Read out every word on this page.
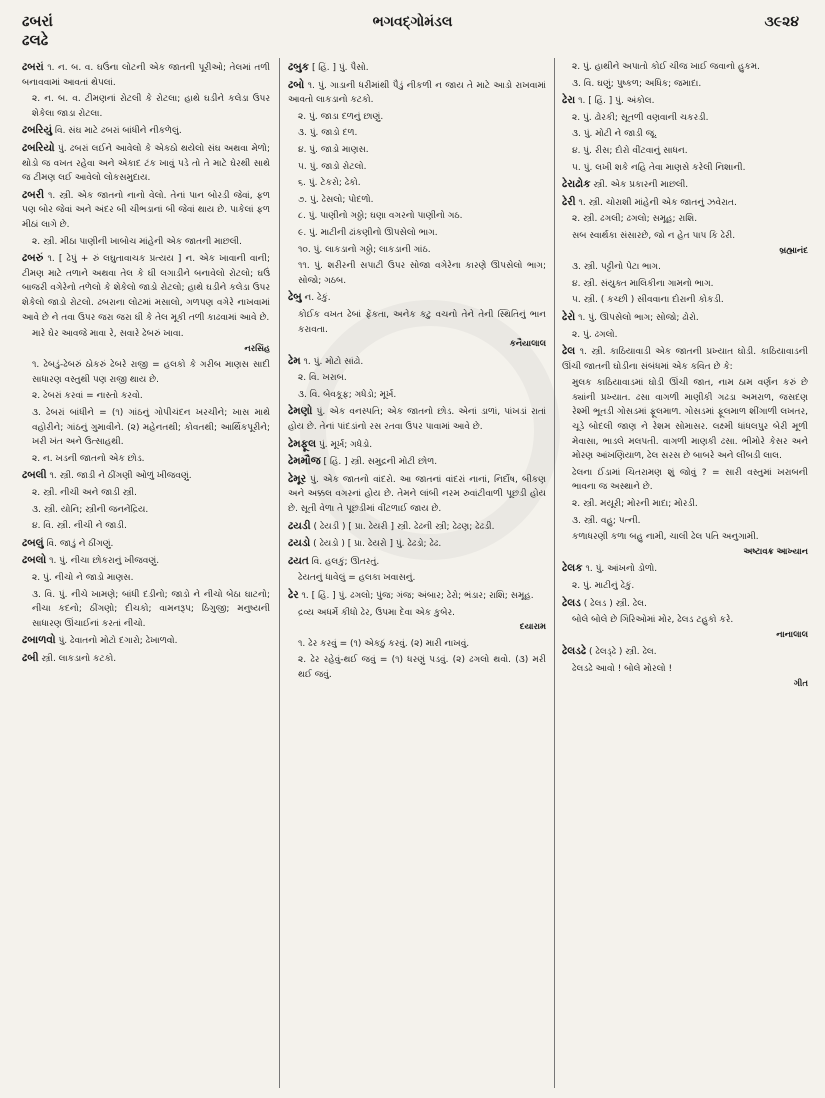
ઢબરાં
ઢલઢે
ભગવદ્ગોમંડલ	૩૯૨૪
ઢબરાં ૧. ન. બ. વ. ઘઉંના લોટની એક જાતની પૂરીઓ; તેલમાં તળી બનાવવામાં આવતાં થેપલાં.
૨. ન. બ. વ. ટીમણનાં રોટલી કે રોટલા; હાથે ઘડીને કલેડા ઉપર શેકેલા જાડા રોટલા.
ઢબરિયું વિ. સંઘ માટે ઢબરાં બાંધીને નીકળેલું.
ઢબરિયો પું. ઢબરાં લઈને આવેલો કે એકઠો થયેલો સંઘ અથવા મેળો; થોડો જ વખત રહેવા અને એકાદ ટંક ખાવું પડે તો તે માટે ઘેરથી સાથે જ ટીમણ લઈ આવેલો લોકસમુદાય.
ઢબરી ૧. સ્ત્રી. એક જાતનો નાનો વેલો. તેનાં પાન બોરડી જેવાં, ફળ પણ બોર જેવાં અને અંદર બી ચીભડાનાં બી જેવાં થાય છે. પાકેલાં ફળ મીઠાં લાગે છે.
૨. સ્ત્રી. મીઠા પાણીની ખાબોચ માંહેની એક જાતની માછલી.
ઢબરું ૧. [ ઢેપું + રું લઘુતાવાચક પ્રત્યય ] ન. એક ખાવાની વાની; ટીમણ માટે તળાને અથવા તેલ કે ઘી લગાડીને બનાવેલો રોટલો; ઘઉં બાજરી વગેરેનો તળેલો કે શેકેલો જાડો રોટલો; હાથે ઘડીને કલેડા ઉપર શેકેલો જાડો રોટલો. ઢબરાના લોટમાં મસાલો, ગળપણ વગેરે નાખવામાં આવે છે ને તવા ઉપર જરા જરા ઘી કે તેલ મૂકી તળી કાઢવામાં આવે છે.
મારે ઘેર આવજે માવા રે, સવારે ઢેબરું ખાવા.
નરસિંહ
૧. ઢેબડું-ઢેબરું ઠોકરું ઢેબરે રાજી = હલકો કે ગરીબ માણસ સાદી સાધારણ વસ્તુથી પણ રાજી થાય છે.
૨. ઢેબરાં કરવાં = નાસ્તો કરવો.
૩. ઢેબરાં બાંધીને = (૧) ગાંઠનું ગોપીચંદન ખરચીને; ખાસ માથે વહોરીને; ગાંઠનું ગુમાવીને. (૨) મહેનતથી; કોવતથી; આર્થિકપૂરીને; ખરી ખંત અને ઉત્સાહથી.
૨. ન. ખડની જાતનો એક છોડ.
ઢબલી ૧. સ્ત્રી. જાડી ને ઠીંગણી ઓળું ખીજવણું.
૨. સ્ત્રી. નીચી અને જાડી સ્ત્રી.
૩. સ્ત્રી. યોનિ; સ્ત્રીની જનનેંદ્રિય.
૪. વિ. સ્ત્રી. નીચી ને જાડી.
ઢબલું વિ. જાડું ને ઠીંગણું.
ઢબલો ૧. પું. નીચા છોકરાનું ખીજવણું.
૨. પું. નીચો ને જાડો માણસ.
૩. વિ. પું. નીચે ખામણે; બાંધી દડીનો; જાડો ને નીચો બેઠા ઘાટનો; નીચા કદનો; ઠીંગણો; દીચકો; વામનરૂપ; ઠિંગુજી; મનુષ્યની સાધારણ ઊંચાઈનાં કરતાં નીચો.
ઢબાળવો પું. ઢેવાતનો મોટો દગારો; ઢેખાળવો.
ઢબી સ્ત્રી. લાકડાનો કટકો.
ઢબુક [ હિં. ] પું. પૈસો.
ઢબો ૧. પું. ગાડાની ધરીમાંથી પૈડું નીકળી ન જાય તે માટે આડો રાખવામાં આવતો લાકડાનો કટકો.
૨. પું. જાડા દળનું છાણું.
૩. પું. જાડો દળ.
૪. પું. જાડો માણસ.
૫. પું. જાડો રોટલો.
૬. પું. ટેકરો; ઢેકો.
૭. પું. ઢેસલો; પોદળો.
૮. પું. પાણીનો ગઠ્ઠો; ઘણા વગરનો પાણીનો ગઠ.
૯. પું. માટીની ઢાંકણીનો ઊપસેલો ભાગ.
૧૦. પું. લાકડાનો ગઠ્ઠો; લાકડાની ગાંઠ.
૧૧. પું. શરીરની સપાટી ઉપર સોજા વગેરેના કારણે ઊપસેલો ભાગ; સોજો; ગઠબ.
ઢેબુ ન. ઢેકું.
કોઈક વખત ઢેબાં ફેંકતા, અનેક કટુ વચનો તેને તેની સ્થિતિનું ભાન કરાવતા.
કનૈયાલાલ
ઢેમ ૧. પું. મોટો સાંઢો.
૨. વિ. ખરાબ.
૩. વિ. બેવકૂફ; ગધેડો; મૂર્ખ.
ઢેમણો પું. એક વનસ્પતિ; એક જાતનો છોડ. એનાં ડાળાં, પાંખડાં રાતાં હોય છે. તેનાં પાંદડાંનો રસ રતવા ઉપર પાવામાં આવે છે.
ઢેમફૂલ પું. મૂર્ખ; ગધેડો.
ઢેમમૌજ [ હિં. ] સ્ત્રી. સમુદ્રની મોટી છોળ.
ઢેમૂર પું. એક જાતનો વાંદરો. આ જાતનાં વાંદરાં નાનાં, નિર્દોષ, બીકણ અને અક્કલ વગરનાં હોય છે. તેમને લાંબી નરમ રુવાંટીવાળી પૂછડી હોય છે. સૂતી વેળા તે પૂછડીમાં વીંટળાઈ જાય છે.
ઢયડી ( ઢેયડી ) [ પ્રા. ઢેયરી ] સ્ત્રી. ઢેઢની સ્ત્રી; ઢેઢણ; ઢેઢડી.
ઢયડો ( ઢેયડો ) [ પ્રા. ઢેયરો ] પું. ઢેઢડો; ઢેઢ.
ઢયત વિ. હલકું; ઊતરતું.
ઢેયતનું ધાવેલું = હલકા ખવાસનું.
ઢેર ૧. [ હિં. ] પું. ઢગલો; પુંજ; ગંજ; અંબાર; ઢેરો; ભંડાર; રાશિ; સમૂહ.
દ્રવ્ય અધર્મે કીધો ઢેર, ઉપમા દેવા એક કુબેર.
દયારામ
૧. ઢેર કરવું = (૧) એકઠું કરવું. (૨) મારી નાખવું.
૨. ઢેર રહેવું-થઈ જવું = (૧) ધરણું પડવું. (૨) ઢગલો થવો. (૩) મરી થઈ જવું.
૨. પું. હાથીને અપાતો કોઈ ચીજ ખાઈ જવાનો હુકમ.
૩. વિ. ઘણું; પુષ્કળ; અધિક; જમાદા.
ઢેરા ૧. [ હિં. ] પું. અંકોલ.
૨. પું. ઢોરકી; સૂતળી વણવાની ચકરડી.
૩. પું. મોટી ને જાડી જૂ.
૪. પું. રીસ; દોરો વીંટવાનું સાધન.
૫. પું. લખી શકે નહિ તેવા માણસે કરેલી નિશાની.
ઢેરાઢોક સ્ત્રી. એક પ્રકારની માછલી.
ઢેરી ૧. સ્ત્રી. ચોરાશી માંહેની એક જાતનું ઝવેરાત.
૨. સ્ત્રી. ઢગલી; ઢગલો; સમૂહ; રાશિ.
સબ સ્વાર્થકા સંસારછે, જો ન હેત પાપ કિ ઢેરી.
બ્રહ્માનંદ
૩. સ્ત્રી. પટ્ટીનો પેટા ભાગ.
૪. સ્ત્રી. સંયુક્ત માલિકીના ગામનો ભાગ.
૫. સ્ત્રી. ( કચ્છી ) સીવવાના દોરાની કોકડી.
ઢેરો ૧. પું. ઊપસેલો ભાગ; સોજો; ઢોરો.
૨. પું. ઢગલો.
ઢેલ ૧. સ્ત્રી. કાઠિયાવાડી એક જાતની પ્રખ્યાત ઘોડી. કાઠિયાવાડની ઊંચી જાતની ઘોડીના સંબંધમાં એક કવિત છે કે:
મુલક કાઠિયાવાડમાં ઘોડી ઊંચી જાત, નામ ઠામ વર્ણન કરું છે ક્યાંની પ્રખ્યાત. ઢસા વાગળી માણીકી ગઢડા અમરાળ, જસદણ રેશ્મી ભૂતડી ગોસડમાં ફૂલમાળ. ગોસડમાં ફૂલમાળ શીંગાળી લખતર, ચૂડે બોદલી જાણ ને રેશમ સોમાસર. લક્ષ્મી ધાંધલપુર બેરી મૂળી મેવાસા, ભાડલે મલપતી. વાગળી માણકી ઢસા. ભીમોરે કેસર અને મોરણ આંખણિયાળ, ઢેલ સરસ છે બાબરે અને લીંબડી લાલ.
ઢેલના ઈંડામાં ચિતરામણ શું જોવું ? = સારી વસ્તુમાં ખરાબની ભાવના જ અસ્થાને છે.
૨. સ્ત્રી. મયૂરી; મોરની માદા; મોરડી.
૩. સ્ત્રી. વહુ; પત્ની.
કળાધરણી કળા બહુ નામી, ચાલી ઢેલ પતિ અનુગામી.
અષ્ટાવક્ર આખ્યાન
ઢેલક ૧. પું. આંખનો ડોળો.
૨. પું. માટીનું ઢેકું.
ઢેલડ ( ઢેલડ ) સ્ત્રી. ઢેલ.
બોલે બોલે છે ગિરિઓમાં મોર, ઢેલડ ટહુકો કરે.
નાનાલાલ
ઢેલડઢે ( ઢેલડ્ઢે ) સ્ત્રી. ઢેલ.
ઢેલડઢે આવો ! બોલે મોરલો !
ગીત
